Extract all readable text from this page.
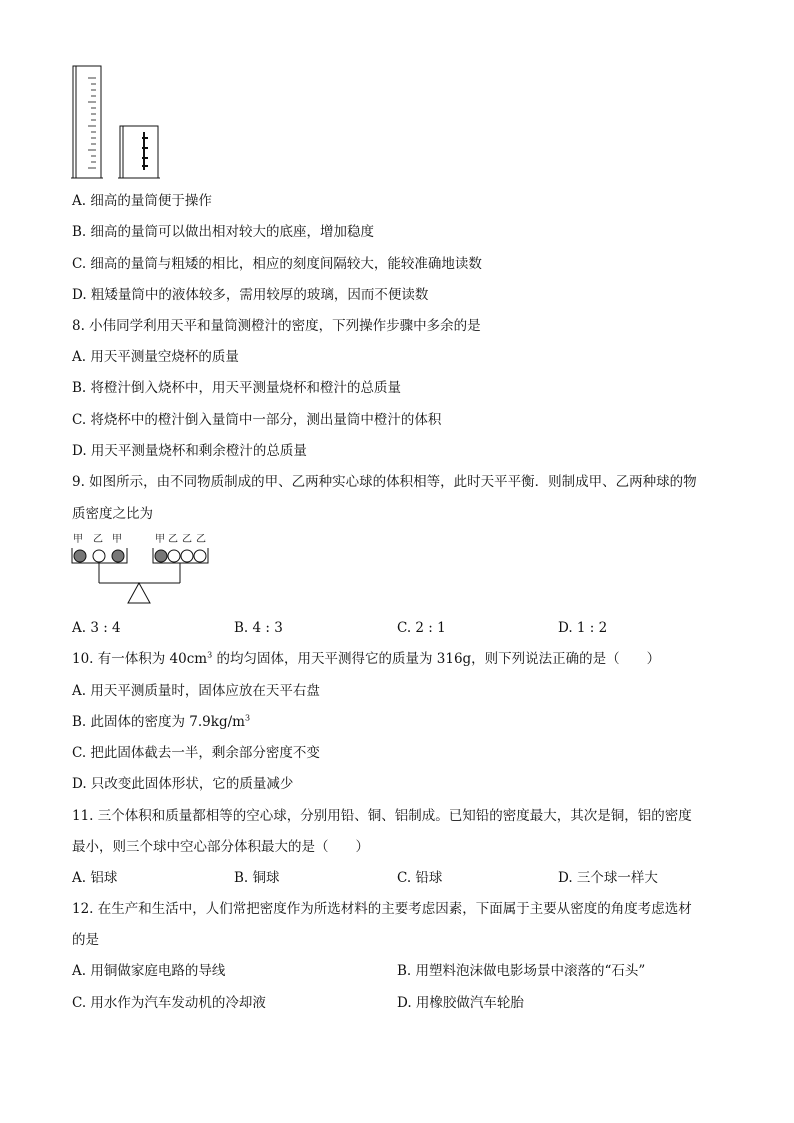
A. 细高的量筒便于操作
B. 细高的量筒可以做出相对较大的底座，增加稳度
C. 细高的量筒与粗矮的相比，相应的刻度间隔较大，能较准确地读数
D. 粗矮量筒中的液体较多，需用较厚的玻璃，因而不便读数
8. 小伟同学利用天平和量筒测橙汁的密度，下列操作步骤中多余的是
A. 用天平测量空烧杯的质量
B. 将橙汁倒入烧杯中，用天平测量烧杯和橙汁的总质量
C. 将烧杯中的橙汁倒入量筒中一部分，测出量筒中橙汁的体积
D. 用天平测量烧杯和剩余橙汁的总质量
9. 如图所示，由不同物质制成的甲、乙两种实心球的体积相等，此时天平平衡．则制成甲、乙两种球的物
质密度之比为
甲 乙 甲	甲 乙 乙 乙
A. 3 : 4	B. 4 : 3	C. 2 : 1	D. 1 : 2
10. 有一体积为 $40cm^3$ 的均匀固体，用天平测得它的质量为 316g，则下列说法正确的是（　　）
A. 用天平测质量时，固体应放在天平右盘
B. 此固体的密度为 $7.9kg/m^3$
C. 把此固体截去一半，剩余部分密度不变
D. 只改变此固体形状，它的质量减少
11. 三个体积和质量都相等的空心球，分别用铅、铜、铝制成。已知铅的密度最大，其次是铜，铝的密度
最小，则三个球中空心部分体积最大的是（　　）
A. 铝球	B. 铜球	C. 铅球	D. 三个球一样大
12. 在生产和生活中，人们常把密度作为所选材料的主要考虑因素，下面属于主要从密度的角度考虑选材
的是
A. 用铜做家庭电路的导线	B. 用塑料泡沫做电影场景中滚落的“石头”
C. 用水作为汽车发动机的冷却液	D. 用橡胶做汽车轮胎
